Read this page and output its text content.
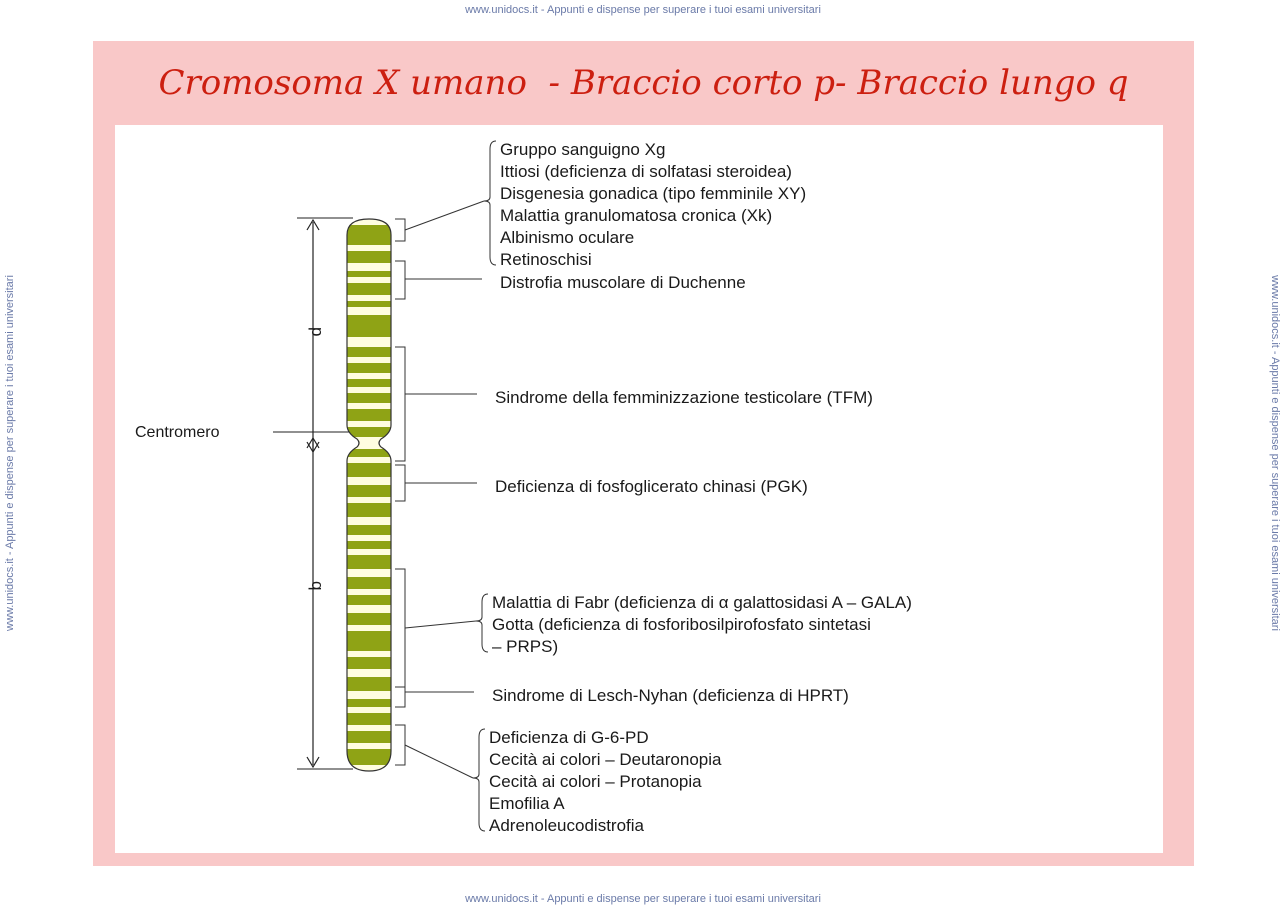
www.unidocs.it - Appunti e dispense per superare i tuoi esami universitari
www.unidocs.it - Appunti e dispense per superare i tuoi esami universitari
www.unidocs.it - Appunti e dispense per superare i tuoi esami universitari	www.unidocs.it - Appunti e dispense per superare i tuoi esami universitari
Cromosoma X umano  - Braccio corto p- Braccio lungo q
p
q
Centromero
Gruppo sanguigno Xg
Ittiosi (deficienza di solfatasi steroidea)
Disgenesia gonadica (tipo femminile XY)
Malattia granulomatosa cronica (Xk)
Albinismo oculare
Retinoschisi
Distrofia muscolare di Duchenne
Sindrome della femminizzazione testicolare (TFM)
Deficienza di fosfoglicerato chinasi (PGK)
Malattia di Fabr (deficienza di α galattosidasi A – GALA)
Gotta (deficienza di fosforibosilpirofosfato sintetasi
– PRPS)
Sindrome di Lesch-Nyhan (deficienza di HPRT)
Deficienza di G-6-PD
Cecità ai colori – Deutaronopia
Cecità ai colori – Protanopia
Emofilia A
Adrenoleucodistrofia
